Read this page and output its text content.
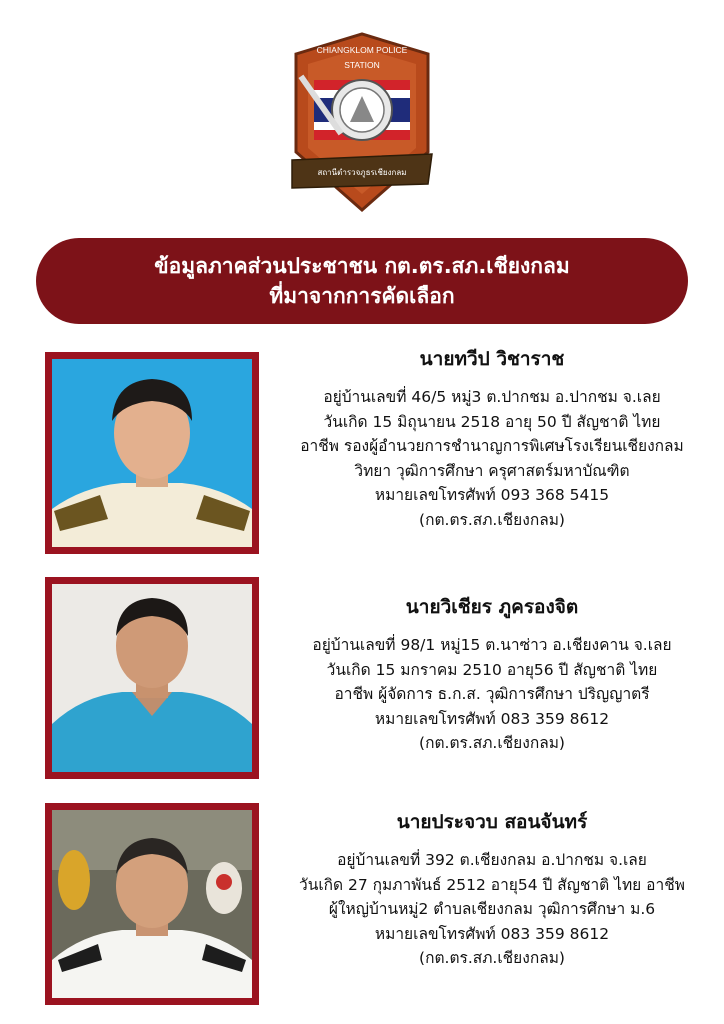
CHIANGKLOM POLICE
STATION
สถานีตำรวจภูธรเชียงกลม
ข้อมูลภาคส่วนประชาชน กต.ตร.สภ.เชียงกลม
ที่มาจากการคัดเลือก
นายทวีป วิชาราช
อยู่บ้านเลขที่ 46/5 หมู่3 ต.ปากชม อ.ปากชม จ.เลย
วันเกิด 15 มิถุนายน 2518 อายุ 50 ปี สัญชาติ ไทย
อาชีพ รองผู้อำนวยการชำนาญการพิเศษโรงเรียนเชียงกลม
วิทยา วุฒิการศึกษา ครุศาสตร์มหาบัณฑิต
หมายเลขโทรศัพท์ 093 368 5415
(กต.ตร.สภ.เชียงกลม)
นายวิเชียร ภูครองจิต
อยู่บ้านเลขที่ 98/1 หมู่15 ต.นาซ่าว อ.เชียงคาน จ.เลย
วันเกิด 15 มกราคม 2510 อายุ56 ปี สัญชาติ ไทย
อาชีพ ผู้จัดการ ธ.ก.ส. วุฒิการศึกษา ปริญญาตรี
หมายเลขโทรศัพท์ 083 359 8612
(กต.ตร.สภ.เชียงกลม)
นายประจวบ สอนจันทร์
อยู่บ้านเลขที่ 392 ต.เชียงกลม อ.ปากชม จ.เลย
วันเกิด 27 กุมภาพันธ์ 2512 อายุ54 ปี สัญชาติ ไทย อาชีพ
ผู้ใหญ่บ้านหมู่2 ตำบลเชียงกลม วุฒิการศึกษา ม.6
หมายเลขโทรศัพท์ 083 359 8612
(กต.ตร.สภ.เชียงกลม)
